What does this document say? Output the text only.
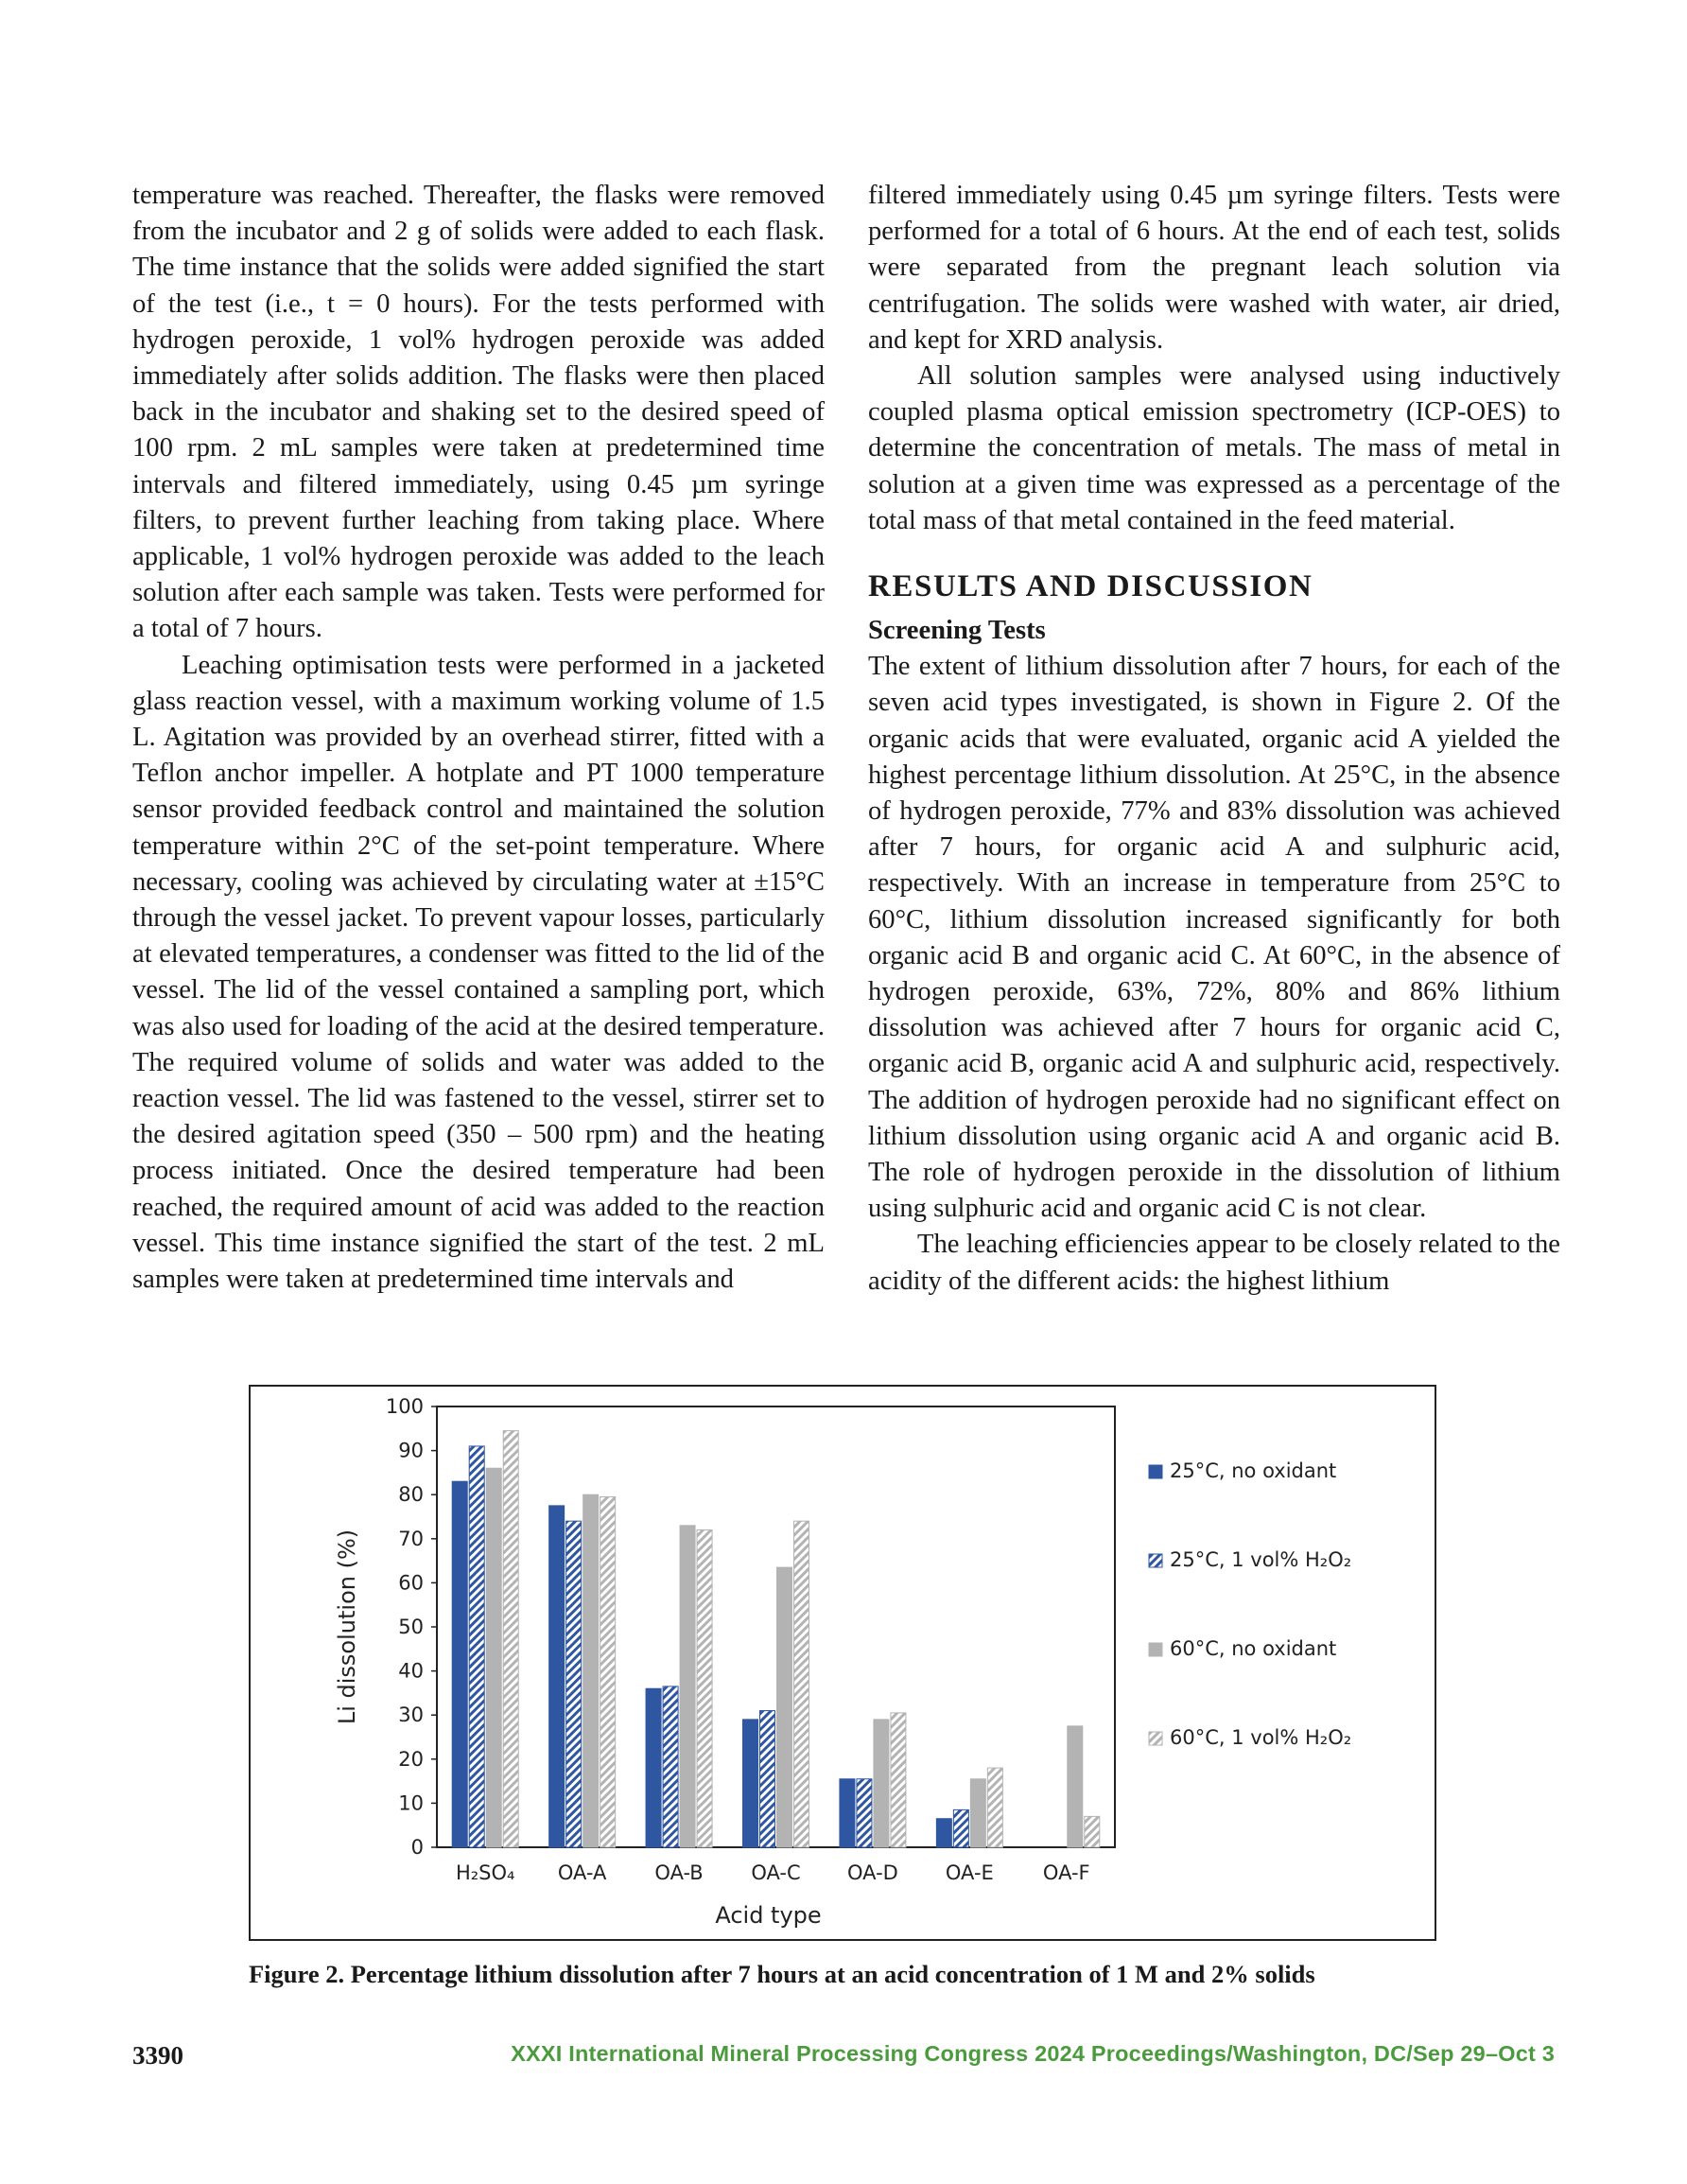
temperature was reached. Thereafter, the flasks were removed from the incubator and 2 g of solids were added to each flask. The time instance that the solids were added signified the start of the test (i.e., t = 0 hours). For the tests performed with hydrogen peroxide, 1 vol% hydrogen peroxide was added immediately after solids addition. The flasks were then placed back in the incubator and shaking set to the desired speed of 100 rpm. 2 mL samples were taken at predetermined time intervals and filtered immediately, using 0.45 µm syringe filters, to prevent further leaching from taking place. Where applicable, 1 vol% hydrogen peroxide was added to the leach solution after each sample was taken. Tests were performed for a total of 7 hours.

Leaching optimisation tests were performed in a jacketed glass reaction vessel, with a maximum working volume of 1.5 L. Agitation was provided by an overhead stirrer, fitted with a Teflon anchor impeller. A hotplate and PT 1000 temperature sensor provided feedback control and maintained the solution temperature within 2°C of the set-point temperature. Where necessary, cooling was achieved by circulating water at ±15°C through the vessel jacket. To prevent vapour losses, particularly at elevated temperatures, a condenser was fitted to the lid of the vessel. The lid of the vessel contained a sampling port, which was also used for loading of the acid at the desired temperature. The required volume of solids and water was added to the reaction vessel. The lid was fastened to the vessel, stirrer set to the desired agitation speed (350 – 500 rpm) and the heating process initiated. Once the desired temperature had been reached, the required amount of acid was added to the reaction vessel. This time instance signified the start of the test. 2 mL samples were taken at predetermined time intervals and

filtered immediately using 0.45 µm syringe filters. Tests were performed for a total of 6 hours. At the end of each test, solids were separated from the pregnant leach solution via centrifugation. The solids were washed with water, air dried, and kept for XRD analysis.

All solution samples were analysed using inductively coupled plasma optical emission spectrometry (ICP-OES) to determine the concentration of metals. The mass of metal in solution at a given time was expressed as a percentage of the total mass of that metal contained in the feed material.

RESULTS AND DISCUSSION
Screening Tests

The extent of lithium dissolution after 7 hours, for each of the seven acid types investigated, is shown in Figure 2. Of the organic acids that were evaluated, organic acid A yielded the highest percentage lithium dissolution. At 25°C, in the absence of hydrogen peroxide, 77% and 83% dissolution was achieved after 7 hours, for organic acid A and sulphuric acid, respectively. With an increase in temperature from 25°C to 60°C, lithium dissolution increased significantly for both organic acid B and organic acid C. At 60°C, in the absence of hydrogen peroxide, 63%, 72%, 80% and 86% lithium dissolution was achieved after 7 hours for organic acid C, organic acid B, organic acid A and sulphuric acid, respectively. The addition of hydrogen peroxide had no significant effect on lithium dissolution using organic acid A and organic acid B. The role of hydrogen peroxide in the dissolution of lithium using sulphuric acid and organic acid C is not clear.

The leaching efficiencies appear to be closely related to the acidity of the different acids: the highest lithium

0
10
20
30
40
50
60
70
80
90
100
H₂SO₄ OA-A OA-B OA-C OA-D OA-E OA-F
Acid type
Li dissolution (%)
25°C, no oxidant
25°C, 1 vol% H₂O₂
60°C, no oxidant
60°C, 1 vol% H₂O₂
Figure 2. Percentage lithium dissolution after 7 hours at an acid concentration of 1 M and 2% solids
3390	XXXI International Mineral Processing Congress 2024 Proceedings/Washington, DC/Sep 29–Oct 3
